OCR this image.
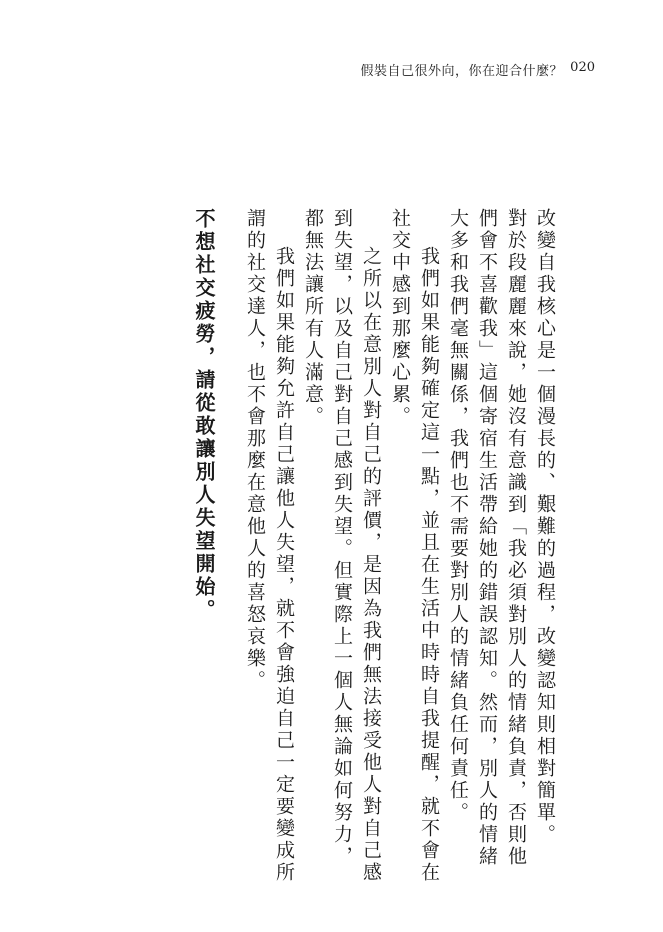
假裝自己很外向，你在迎合什麼？ 020
改變自我核心是一個漫長的、艱難的過程，改變認知則相對簡單。
對於段麗麗來說，她沒有意識到「我必須對別人的情緒負責，否則他們會不喜歡我」這個寄宿生活帶給她的錯誤認知。然而，別人的情緒大多和我們毫無關係，我們也不需要對別人的情緒負任何責任。
我們如果能夠確定這一點，並且在生活中時時自我提醒，就不會在社交中感到那麼心累。
之所以在意別人對自己的評價，是因為我們無法接受他人對自己感到失望，以及自己對自己感到失望。但實際上一個人無論如何努力，都無法讓所有人滿意。
我們如果能夠允許自己讓他人失望，就不會強迫自己一定要變成所謂的社交達人，也不會那麼在意他人的喜怒哀樂。
不想社交疲勞，請從敢讓別人失望開始。
